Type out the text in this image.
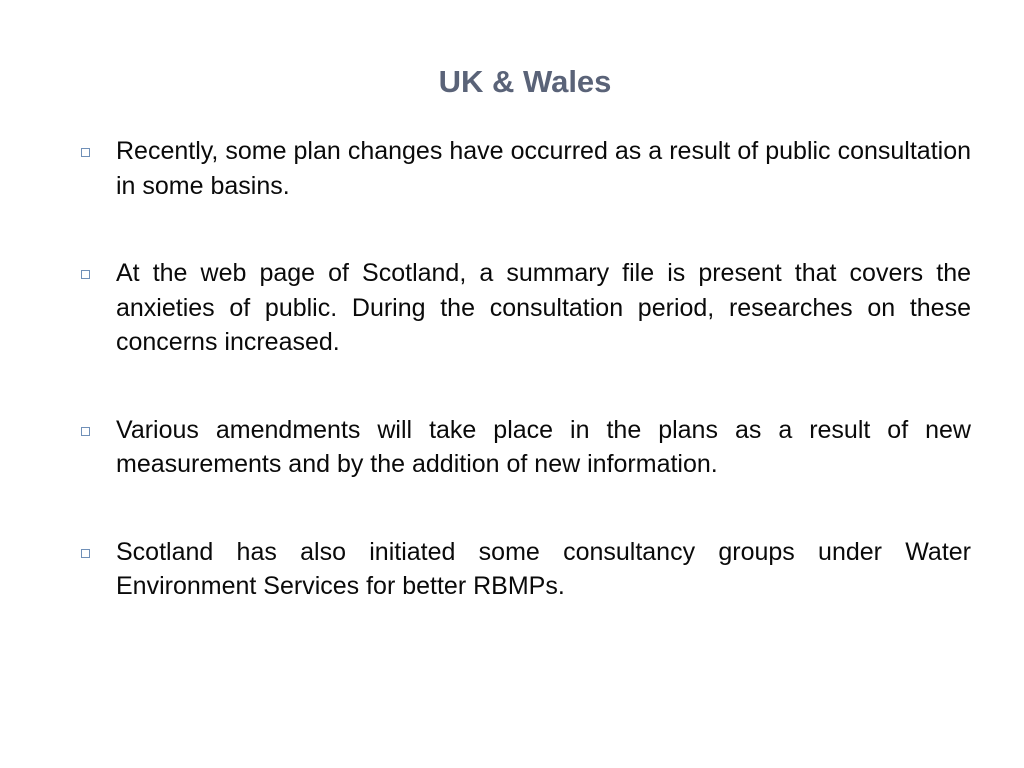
UK & Wales
Recently, some plan changes have occurred as a result of public consultation in some basins.
At the web page of Scotland, a summary file is present that covers the anxieties of public. During the consultation period, researches on these concerns increased.
Various amendments will take place in the plans as a result of new measurements and by the addition of new information.
Scotland has also initiated some consultancy groups under Water Environment Services for better RBMPs.
